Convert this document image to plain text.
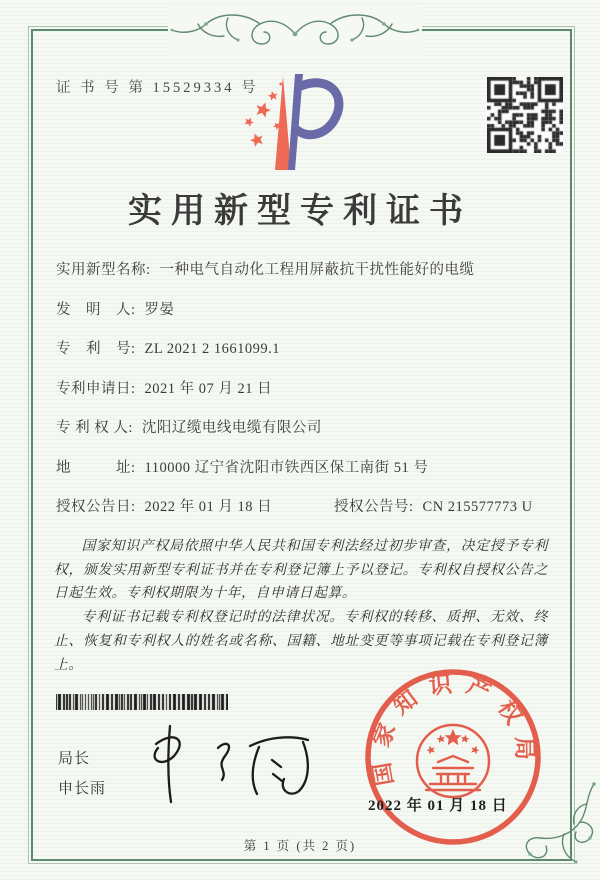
证 书 号 第 15529334 号
实用新型专利证书
实用新型名称: 一种电气自动化工程用屏蔽抗干扰性能好的电缆
发　明　人: 罗晏
专　利　号: ZL 2021 2 1661099.1
专利申请日: 2021 年 07 月 21 日
专 利 权 人: 沈阳辽缆电线电缆有限公司
地　　　址: 110000 辽宁省沈阳市铁西区保工南街 51 号
授权公告日: 2022 年 01 月 18 日	授权公告号: CN 215577773 U

国家知识产权局依照中华人民共和国专利法经过初步审查，决定授予专利权，颁发实用新型专利证书并在专利登记簿上予以登记。专利权自授权公告之日起生效。专利权期限为十年，自申请日起算。

专利证书记载专利权登记时的法律状况。专利权的转移、质押、无效、终止、恢复和专利权人的姓名或名称、国籍、地址变更等事项记载在专利登记簿上。

局长
申长雨
国家知识产权局
2022 年 01 月 18 日
第 1 页 (共 2 页)
